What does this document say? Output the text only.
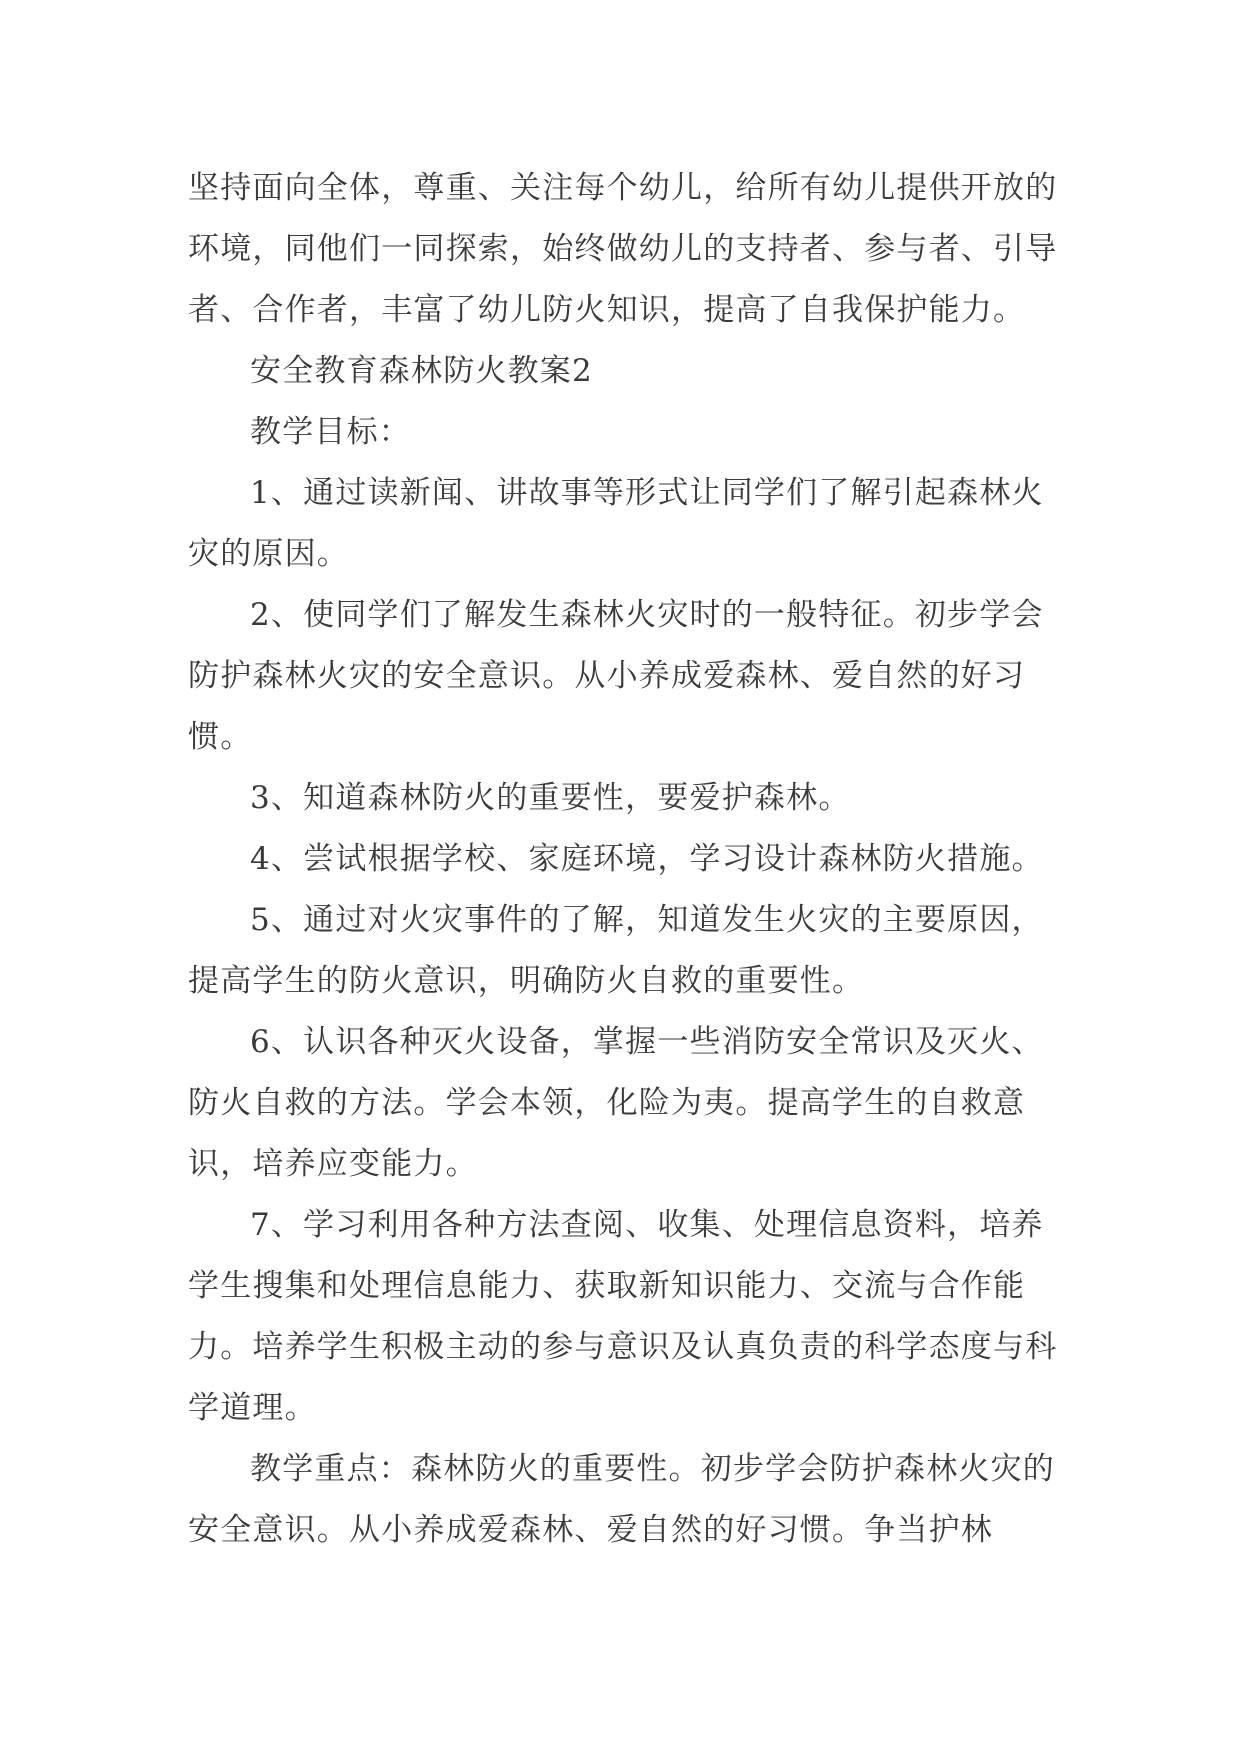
坚持面向全体，尊重、关注每个幼儿，给所有幼儿提供开放的环境，同他们一同探索，始终做幼儿的支持者、参与者、引导者、合作者，丰富了幼儿防火知识，提高了自我保护能力。

安全教育森林防火教案2

教学目标：

1、通过读新闻、讲故事等形式让同学们了解引起森林火灾的原因。

2、使同学们了解发生森林火灾时的一般特征。初步学会防护森林火灾的安全意识。从小养成爱森林、爱自然的好习惯。

3、知道森林防火的重要性，要爱护森林。

4、尝试根据学校、家庭环境，学习设计森林防火措施。

5、通过对火灾事件的了解，知道发生火灾的主要原因，提高学生的防火意识，明确防火自救的重要性。

6、认识各种灭火设备，掌握一些消防安全常识及灭火、防火自救的方法。学会本领，化险为夷。提高学生的自救意识，培养应变能力。

7、学习利用各种方法查阅、收集、处理信息资料，培养学生搜集和处理信息能力、获取新知识能力、交流与合作能力。培养学生积极主动的参与意识及认真负责的科学态度与科学道理。

教学重点：森林防火的重要性。初步学会防护森林火灾的安全意识。从小养成爱森林、爱自然的好习惯。争当护林
